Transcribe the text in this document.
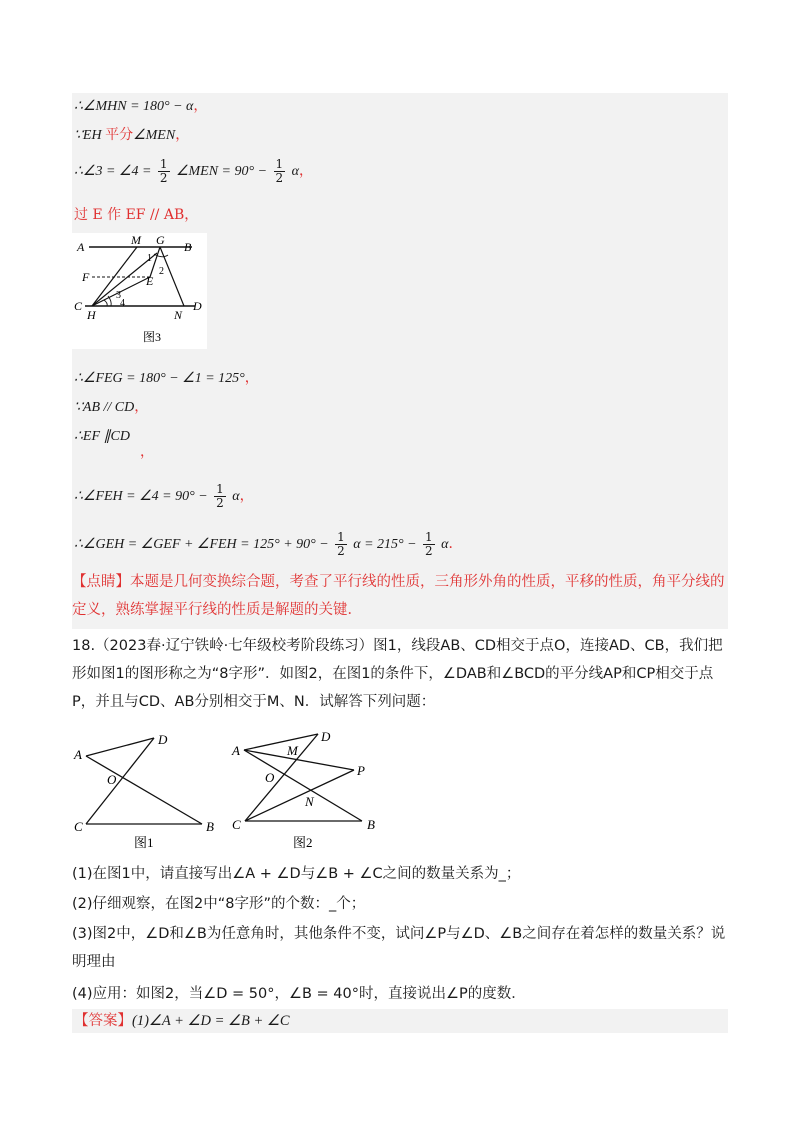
∴∠MHN = 180° − α，
∵EH 平分∠MEN，
∴∠3 = ∠4 = $\frac{1}{2}$ ∠MEN = $90^\circ - \frac{1}{2}$ α，
过 E 作 EF // AB，
A	M G B
1
F	2
E
3
4
C
H	N
D
图3
∴∠FEG = 180° − ∠1 = 125°，
∵AB // CD，
∴EF ∥CD
，
∴∠FEH = ∠4 = $90^\circ - \frac{1}{2}$ α，
∴∠GEH = ∠GEF + ∠FEH = $125^\circ + 90^\circ - \frac{1}{2}$ $\alpha = 215^\circ - \frac{1}{2}$ α．
【点睛】本题是几何变换综合题，考查了平行线的性质，三角形外角的性质，平移的性质，角平分线的定义，熟练掌握平行线的性质是解题的关键．
18.（2023春·辽宁铁岭·七年级校考阶段练习）图1，线段AB、CD相交于点O，连接AD、CB，我们把形如图1的图形称之为“8字形”．如图2，在图1的条件下，∠DAB和∠BCD的平分线AP和CP相交于点P，并且与CD、AB分别相交于M、N．试解答下列问题：
A
D
O
C	B
图1
A
D
M
O	P
N
C	B
图2
(1)在图1中，请直接写出∠A + ∠D与∠B + ∠C之间的数量关系为_；
(2)仔细观察，在图2中“8字形”的个数：_个；
(3)图2中，∠D和∠B为任意角时，其他条件不变，试问∠P与∠D、∠B之间存在着怎样的数量关系？说明理由
(4)应用：如图2，当∠D = 50°，∠B = 40°时，直接说出∠P的度数．
【答案】(1)∠A + ∠D = ∠B + ∠C
